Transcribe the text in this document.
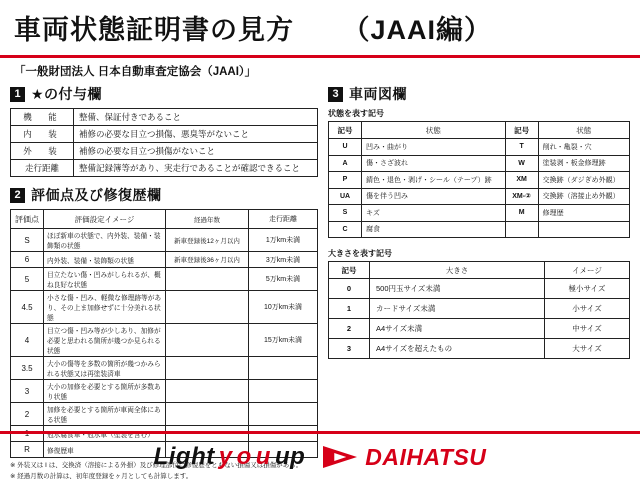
車両状態証明書の見方 （JAAI編）
「一般財団法人 日本自動車査定協会（JAAI）」
1 ★の付与欄
機　能	整備、保証付きであること
内　装	補修の必要な目立つ損傷、悪臭等がないこと
外　装	補修の必要な目立つ損傷がないこと
走行距離	整備記録簿等があり、実走行であることが確認できること
2 評価点及び修復歴欄
評価点	評価設定イメージ	経過年数	走行距離
S	ほぼ新車の状態で、内外装、装備・装飾類の状態	新車登録後12ヶ月以内	1万km未満
6	内外装、装備・装飾類の状態	新車登録後36ヶ月以内	3万km未満
5	目立たない傷・凹みがしられるが、概ね良好な状態		5万km未満
4.5	小さな傷・凹み、軽微な修理跡等があり、その上ま加修せずに十分美れる状態		10万km未満
4	目立つ傷・凹み等が少しあり、加修が必要と思われる箇所が幾つか見られる状態		15万km未満
3.5	大小の傷等を多数の箇所が幾つかみられる状態又は再塗装済車		
3	大小の加修を必要とする箇所が多数あり状態		
2	加修を必要とする箇所が車両全体にある状態		
1	冠水腐食車・冠水車（塗装を含む）		
R	修復歴車		
※ 外装又は Ⅰ は、交換済（溶接による外損）及び修理部位に修復歴をともない損傷又は損傷がある。
※ 経過月数の計算は、初年度登録をヶ月としても計算します。
3 車両図欄
状態を表す記号
記号	状態	記号	状態
U	凹み・曲がり	T	削れ・亀裂・穴
A	傷・さざ波れ	W	塗装剥・板金修理跡
P	錆色・退色・剥げ・シール（テープ）跡	XM	交換跡（ダジぎめ外観）
UA	傷を伴う凹み	XM-②	交換跡（溶接止め外観）
S	キズ	M	修理歴
C	腐食		
大きさを表す記号
記号	大きさ	イメージ
0	500円玉サイズ未満	極小サイズ
1	カードサイズ未満	小サイズ
2	A4サイズ未満	中サイズ
3	A4サイズを超えたもの	大サイズ
Light y o u up	DAIHATSU
